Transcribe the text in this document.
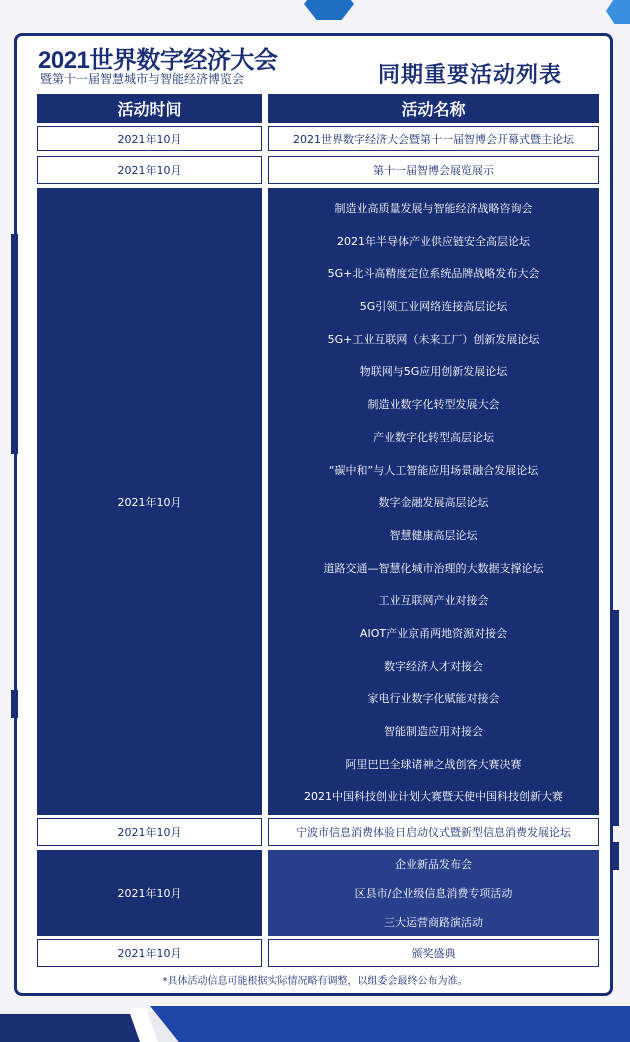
2021世界数字经济大会
暨第十一届智慧城市与智能经济博览会	同期重要活动列表
活动时间	活动名称
2021年10月	2021世界数字经济大会暨第十一届智博会开幕式暨主论坛
2021年10月	第十一届智博会展览展示
2021年10月
制造业高质量发展与智能经济战略咨询会
2021年半导体产业供应链安全高层论坛
5G+北斗高精度定位系统品牌战略发布大会
5G引领工业网络连接高层论坛
5G+工业互联网（未来工厂）创新发展论坛
物联网与5G应用创新发展论坛
制造业数字化转型发展大会
产业数字化转型高层论坛
“碳中和”与人工智能应用场景融合发展论坛
数字金融发展高层论坛
智慧健康高层论坛
道路交通—智慧化城市治理的大数据支撑论坛
工业互联网产业对接会
AIOT产业京甬两地资源对接会
数字经济人才对接会
家电行业数字化赋能对接会
智能制造应用对接会
阿里巴巴全球诸神之战创客大赛决赛
2021中国科技创业计划大赛暨天使中国科技创新大赛
2021年10月	宁波市信息消费体验日启动仪式暨新型信息消费发展论坛
2021年10月
企业新品发布会
区县市/企业级信息消费专项活动
三大运营商路演活动
2021年10月	颁奖盛典
*具体活动信息可能根据实际情况略有调整，以组委会最终公布为准。
